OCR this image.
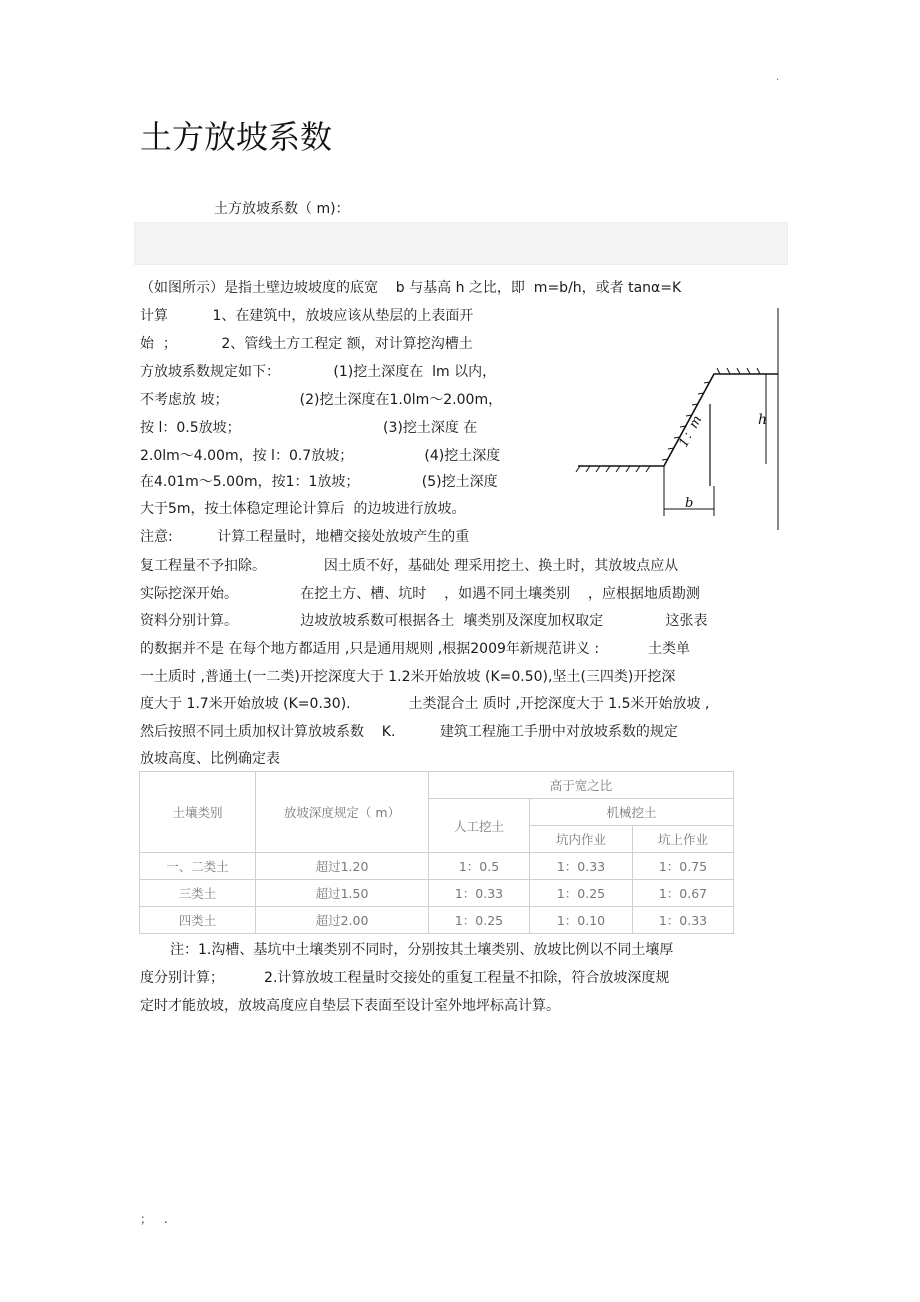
.
土方放坡系数
土方放坡系数（ m)：
（如图所示）是指土壁边坡坡度的底宽    b 与基高 h 之比，即  m=b/h，或者 tanα=K
计算          1、在建筑中，放坡应该从垫层的上表面开
始  ；          2、管线土方工程定 额，对计算挖沟槽土
方放坡系数规定如下：            (1)挖土深度在  lm 以内，
不考虑放 坡；                (2)挖土深度在1.0lm～2.00m，
按 l：0.5放坡；                                (3)挖土深度 在
2.0lm～4.00m，按 l：0.7放坡；                (4)挖土深度
在4.01m～5.00m，按1：1放坡；              (5)挖土深度
大于5m，按土体稳定理论计算后  的边坡进行放坡。
注意:          计算工程量时，地槽交接处放坡产生的重
复工程量不予扣除。             因土质不好，基础处 理采用挖土、换土时，其放坡点应从
实际挖深开始。              在挖土方、槽、坑时    ，如遇不同土壤类别    ，应根据地质勘测
资料分别计算。              边坡放坡系数可根据各土  壤类别及深度加权取定              这张表
的数据并不是 在每个地方都适用 ,只是通用规则 ,根据2009年新规范讲义 :           土类单
一土质时 ,普通土(一二类)开挖深度大于 1.2米开始放坡 (K=0.50),坚土(三四类)开挖深
度大于 1.7米开始放坡 (K=0.30).             土类混合土 质时 ,开挖深度大于 1.5米开始放坡 ,
然后按照不同土质加权计算放坡系数    K.          建筑工程施工手册中对放坡系数的规定
放坡高度、比例确定表
1：m	h
b
土壤类别	放坡深度规定（ m）	高于宽之比		
		人工挖土	机械挖土	
			坑内作业	坑上作业
一、二类土	超过1.20	1：0.5	1：0.33	1：0.75
三类土	超过1.50	1：0.33	1：0.25	1：0.67
四类土	超过2.00	1：0.25	1：0.10	1：0.33
注：1.沟槽、基坑中土壤类别不同时，分别按其土壤类别、放坡比例以不同土壤厚
度分别计算；         2.计算放坡工程量时交接处的重复工程量不扣除，符合放坡深度规
定时才能放坡，放坡高度应自垫层下表面至设计室外地坪标高计算。
； .
